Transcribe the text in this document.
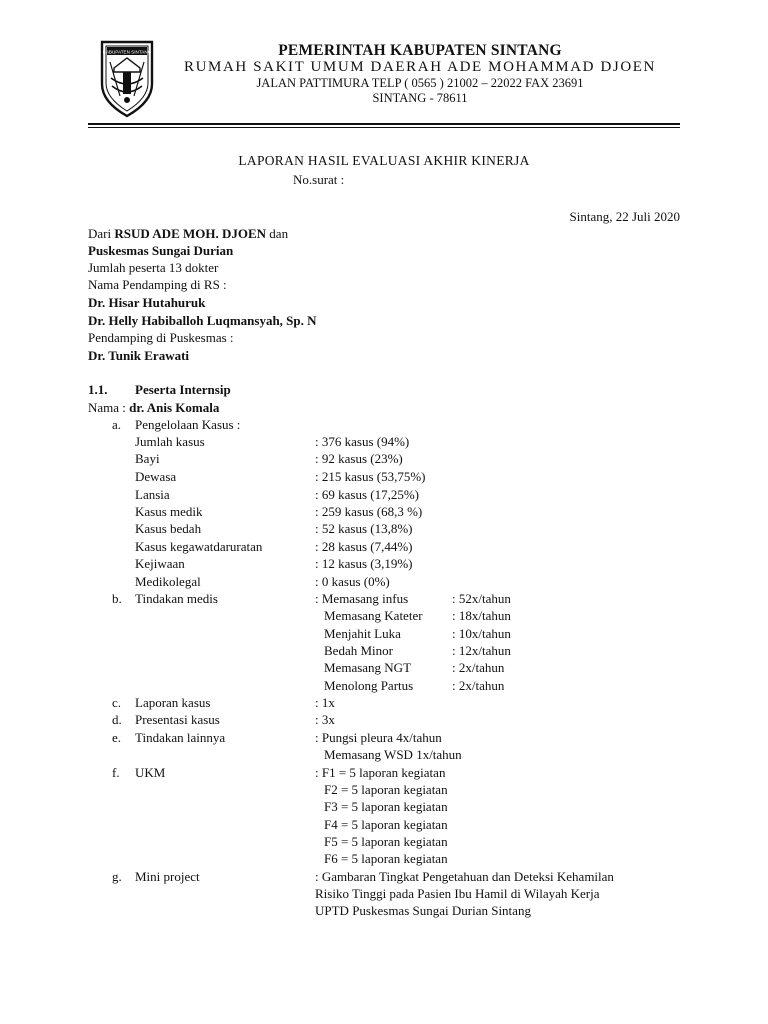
KABUPATEN SINTANG	PEMERINTAH KABUPATEN SINTANG
RUMAH SAKIT UMUM DAERAH ADE MOHAMMAD DJOEN
JALAN PATTIMURA TELP ( 0565 ) 21002 – 22022 FAX 23691
SINTANG - 78611
LAPORAN HASIL EVALUASI AKHIR KINERJA
No.surat :
Sintang, 22 Juli 2020
Dari RSUD ADE MOH. DJOEN dan
Puskesmas Sungai Durian
Jumlah peserta 13 dokter
Nama Pendamping di RS :
Dr. Hisar Hutahuruk
Dr. Helly Habiballoh Luqmansyah, Sp. N
Pendamping di Puskesmas :
Dr. Tunik Erawati
1.1. Peserta Internsip
Nama : dr. Anis Komala
a. Pengelolaan Kasus :
Jumlah kasus	: 376 kasus (94%)
Bayi	: 92 kasus (23%)
Dewasa	: 215 kasus (53,75%)
Lansia	: 69 kasus (17,25%)
Kasus medik	: 259 kasus (68,3 %)
Kasus bedah	: 52 kasus (13,8%)
Kasus kegawatdaruratan	: 28 kasus (7,44%)
Kejiwaan	: 12 kasus (3,19%)
Medikolegal	: 0 kasus (0%)
b. Tindakan medis	: Memasang infus	: 52x/tahun
Memasang Kateter : 18x/tahun
Menjahit Luka	: 10x/tahun
Bedah Minor	: 12x/tahun
Memasang NGT	: 2x/tahun
Menolong Partus	: 2x/tahun
c. Laporan kasus	: 1x
d. Presentasi kasus	: 3x
e. Tindakan lainnya	: Pungsi pleura 4x/tahun
Memasang WSD 1x/tahun
f. UKM	: F1 = 5 laporan kegiatan
F2 = 5 laporan kegiatan
F3 = 5 laporan kegiatan
F4 = 5 laporan kegiatan
F5 = 5 laporan kegiatan
F6 = 5 laporan kegiatan
g. Mini project	: Gambaran Tingkat Pengetahuan dan Deteksi Kehamilan
Risiko Tinggi pada Pasien Ibu Hamil di Wilayah Kerja
UPTD Puskesmas Sungai Durian Sintang
